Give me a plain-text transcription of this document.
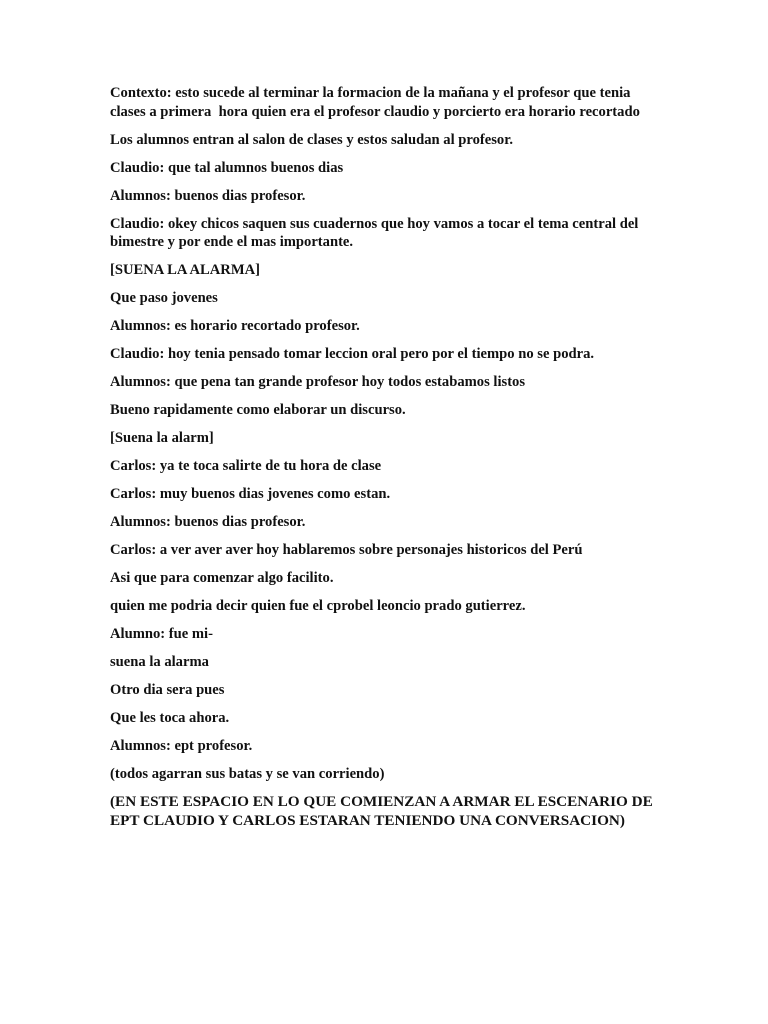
Contexto: esto sucede al terminar la formacion de la mañana y el profesor que tenia  clases a primera  hora quien era el profesor claudio y porcierto era horario recortado

Los alumnos entran al salon de clases y estos saludan al profesor.

Claudio: que tal alumnos buenos dias

Alumnos: buenos dias profesor.

Claudio: okey chicos saquen sus cuadernos que hoy vamos a tocar el tema central del bimestre y por ende el mas importante.

[SUENA LA ALARMA]

Que paso jovenes

Alumnos: es horario recortado profesor.

Claudio: hoy tenia pensado tomar leccion oral pero por el tiempo no se podra.

Alumnos: que pena tan grande profesor hoy todos estabamos listos

Bueno rapidamente como elaborar un discurso.

[Suena la alarm]

Carlos: ya te toca salirte de tu hora de clase

Carlos: muy buenos dias jovenes como estan.

Alumnos: buenos dias profesor.

Carlos: a ver aver aver hoy hablaremos sobre personajes historicos del Perú

Asi que para comenzar algo facilito.

quien me podria decir quien fue el cprobel leoncio prado gutierrez.

Alumno: fue mi-

suena la alarma

Otro dia sera pues

Que les toca ahora.

Alumnos: ept profesor.

(todos agarran sus batas y se van corriendo)

(EN ESTE ESPACIO EN LO QUE COMIENZAN A ARMAR EL ESCENARIO DE EPT CLAUDIO Y CARLOS ESTARAN TENIENDO UNA CONVERSACION)
